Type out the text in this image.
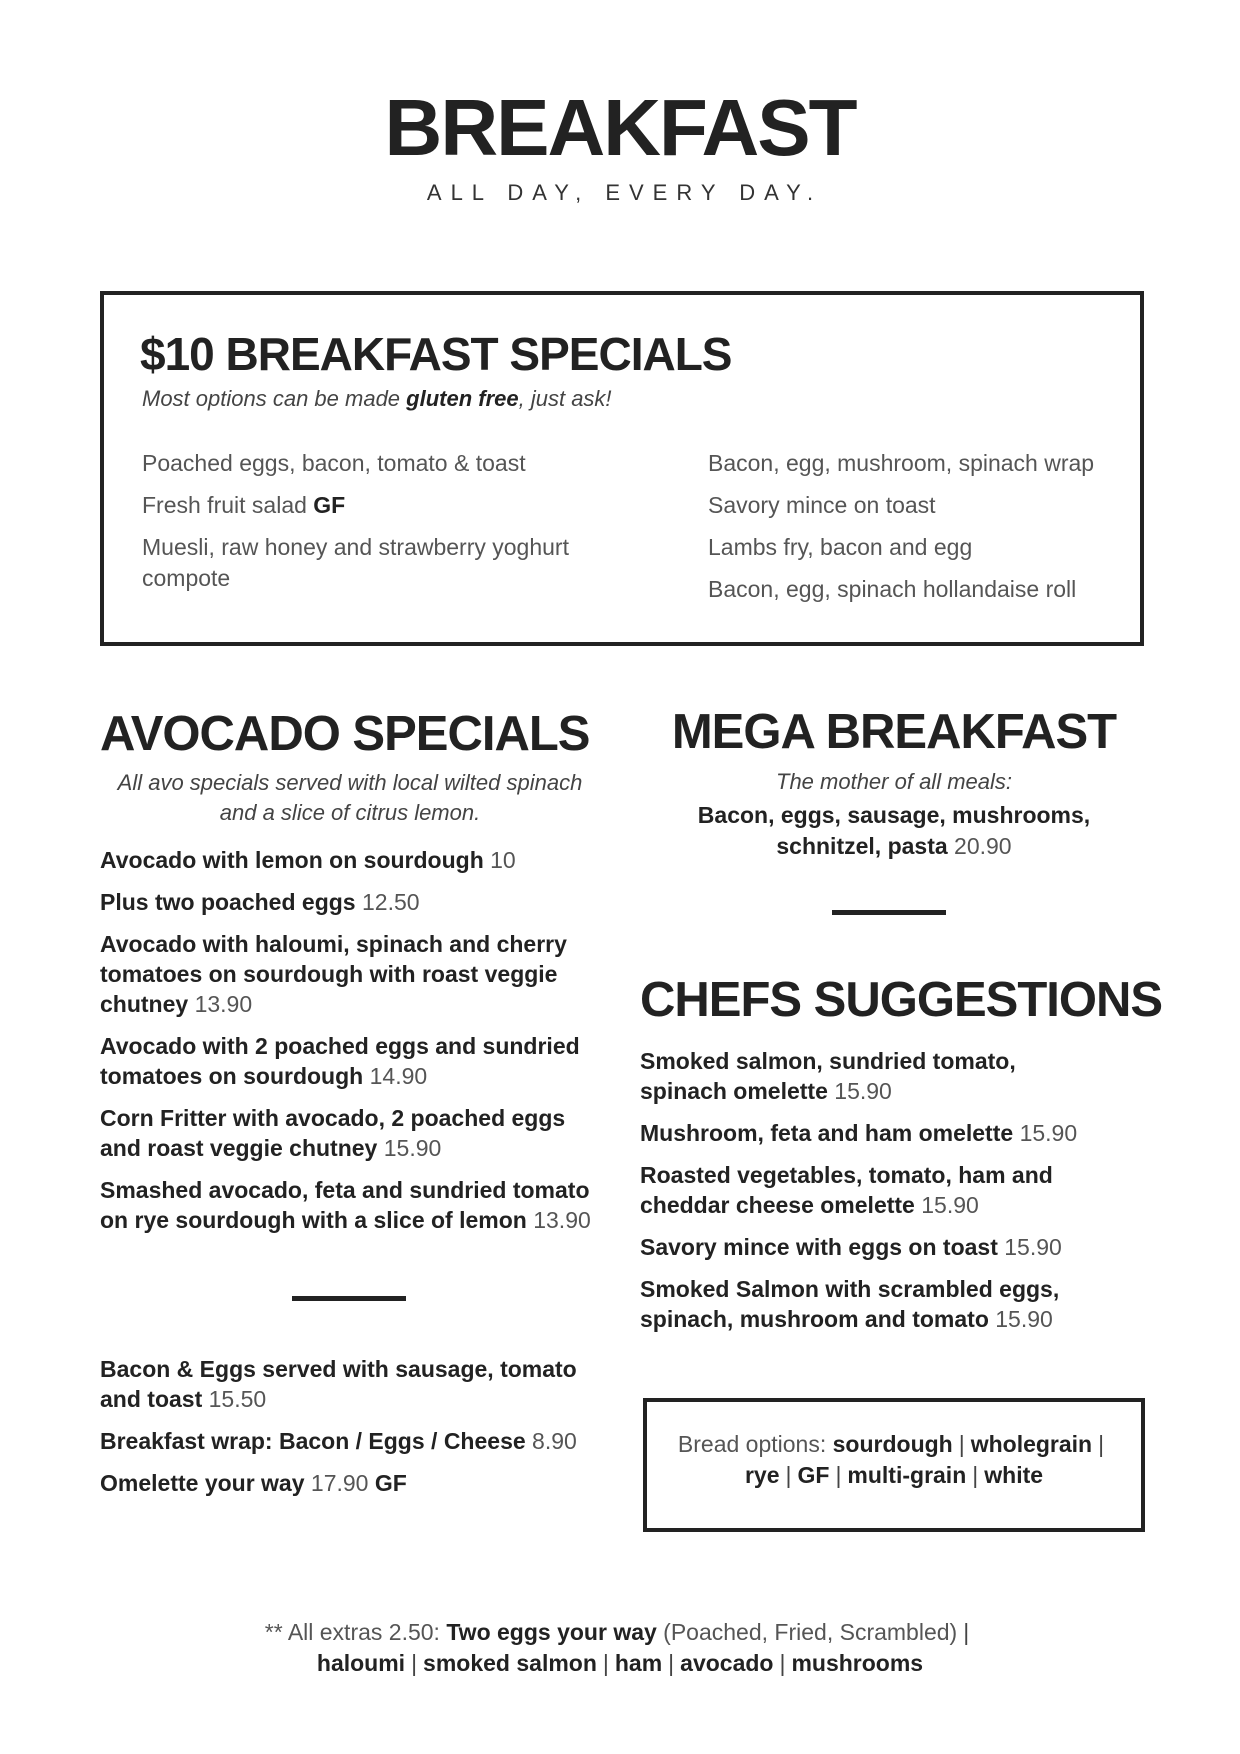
BREAKFAST
ALL DAY, EVERY DAY.
$10 BREAKFAST SPECIALS
Most options can be made gluten free, just ask!
Poached eggs, bacon, tomato & toast
Fresh fruit salad GF
Muesli, raw honey and strawberry yoghurt compote
Bacon, egg, mushroom, spinach wrap
Savory mince on toast
Lambs fry, bacon and egg
Bacon, egg, spinach hollandaise roll
AVOCADO SPECIALS
All avo specials served with local wilted spinach
and a slice of citrus lemon.
Avocado with lemon on sourdough 10
Plus two poached eggs 12.50
Avocado with haloumi, spinach and cherry tomatoes on sourdough with roast veggie chutney 13.90
Avocado with 2 poached eggs and sundried tomatoes on sourdough 14.90
Corn Fritter with avocado, 2 poached eggs and roast veggie chutney 15.90
Smashed avocado, feta and sundried tomato on rye sourdough with a slice of lemon 13.90
Bacon & Eggs served with sausage, tomato and toast 15.50
Breakfast wrap: Bacon / Eggs / Cheese 8.90
Omelette your way 17.90 GF
MEGA BREAKFAST
The mother of all meals:
Bacon, eggs, sausage, mushrooms,
schnitzel, pasta 20.90
CHEFS SUGGESTIONS
Smoked salmon, sundried tomato, spinach omelette 15.90
Mushroom, feta and ham omelette 15.90
Roasted vegetables, tomato, ham and cheddar cheese omelette 15.90
Savory mince with eggs on toast 15.90
Smoked Salmon with scrambled eggs, spinach, mushroom and tomato 15.90
Bread options: sourdough | wholegrain |
rye | GF | multi-grain | white
** All extras 2.50: Two eggs your way (Poached, Fried, Scrambled) |
haloumi | smoked salmon | ham | avocado | mushrooms
